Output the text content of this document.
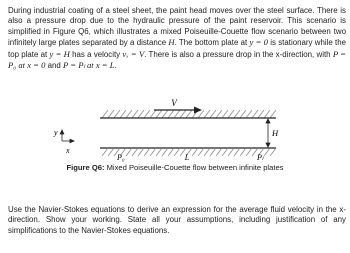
During industrial coating of a steel sheet, the paint head moves over the steel surface. There is also a pressure drop due to the hydraulic pressure of the paint reservoir. This scenario is simplified in Figure Q6, which illustrates a mixed Poiseuille-Couette flow scenario between two infinitely large plates separated by a distance H. The bottom plate at y = 0 is stationary while the top plate at y = H has a velocity vₓ = V. There is also a pressure drop in the x-direction, with P = P₀ at x = 0 and P = Pₗ at x = L.

V
H
y
x
P₀	L	Pₗ
Figure Q6: Mixed Poiseuille-Couette flow between infinite plates

Use the Navier-Stokes equations to derive an expression for the average fluid velocity in the x-direction. Show your working. State all your assumptions, including justification of any simplifications to the Navier-Stokes equations.
